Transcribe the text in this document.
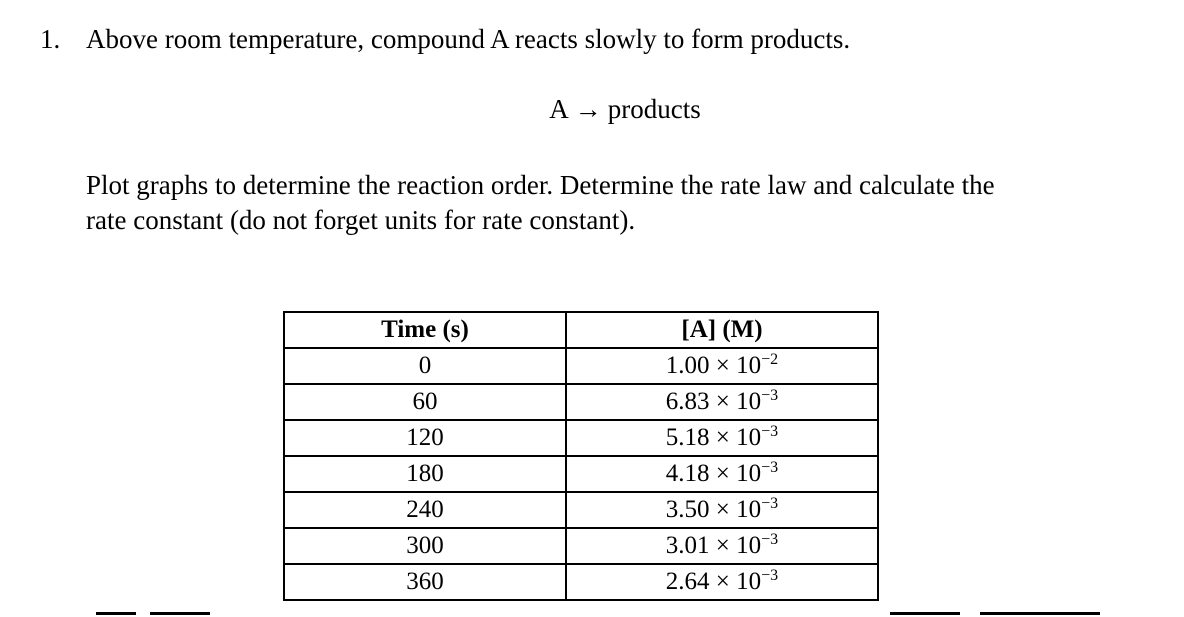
1. Above room temperature, compound A reacts slowly to form products.
A → products
Plot graphs to determine the reaction order. Determine the rate law and calculate the
rate constant (do not forget units for rate constant).
Time (s)	[A] (M)
0	$1.00 \times 10^{-2}$
60	$6.83 \times 10^{-3}$
120	$5.18 \times 10^{-3}$
180	$4.18 \times 10^{-3}$
240	$3.50 \times 10^{-3}$
300	$3.01 \times 10^{-3}$
360	$2.64 \times 10^{-3}$
